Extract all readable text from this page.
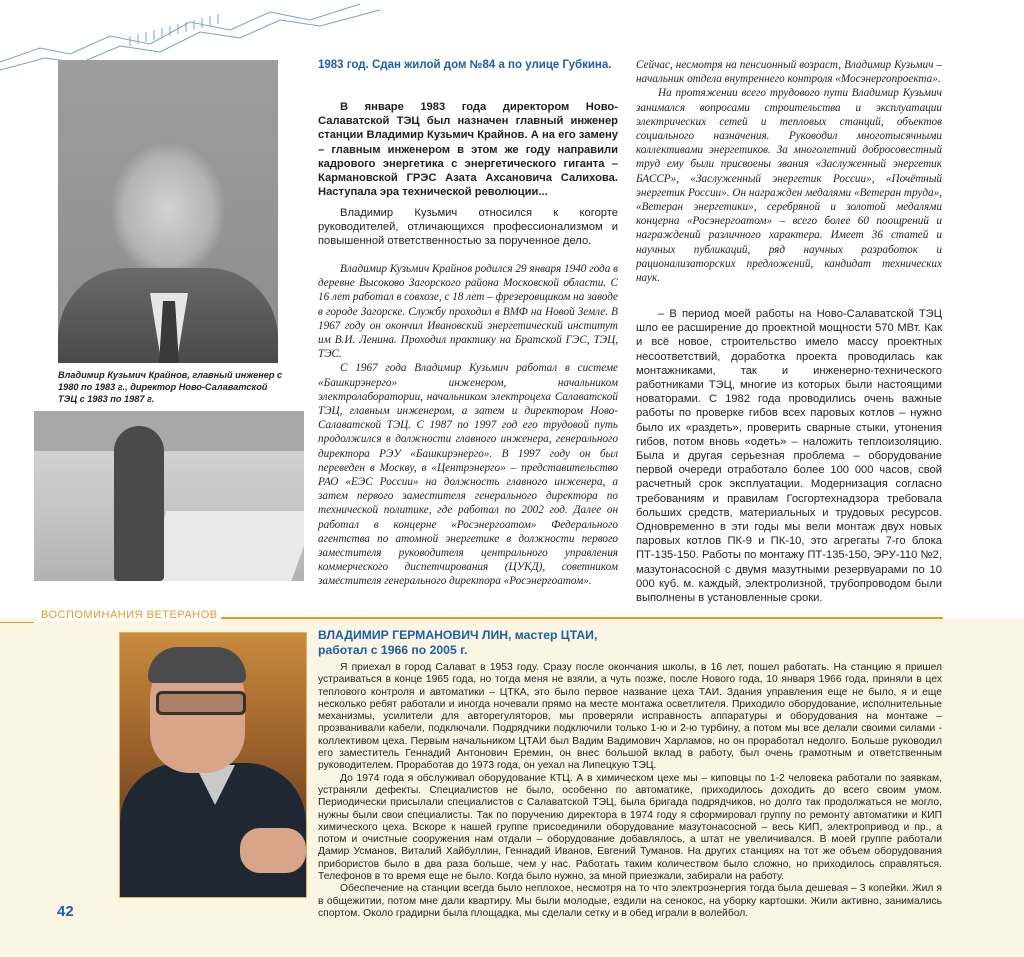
Владимир Кузьмич Крайнов, главный инженер с 1980 по 1983 г., директор Ново-Салаватской ТЭЦ с 1983 по 1987 г.
1983 год. Сдан жилой дом №84 а по улице Губкина.

В январе 1983 года директором Ново-Салаватской ТЭЦ был назначен главный инженер станции Владимир Кузьмич Крайнов. А на его замену – главным инженером в этом же году направили кадрового энергетика с энергетического гиганта – Кармановской ГРЭС Азата Ахсановича Салихова. Наступала эра технической революции...

Владимир Кузьмич относился к когорте руководителей, отличающихся профессионализмом и повышенной ответственностью за порученное дело.

Владимир Кузьмич Крайнов родился 29 января 1940 года в деревне Высоково Загорского района Московской области. С 16 лет работал в совхозе, с 18 лет – фрезеровщиком на заводе в городе Загорске. Службу проходил в ВМФ на Новой Земле. В 1967 году он окончил Ивановский энергетический институт им В.И. Ленина. Проходил практику на Братской ГЭС, ТЭЦ, ТЭС.

С 1967 года Владимир Кузьмич работал в системе «Башкирэнерго» инженером, начальником электролаборатории, начальником электроцеха Салаватской ТЭЦ, главным инженером, а затем и директором Ново-Салаватской ТЭЦ. С 1987 по 1997 год его трудовой путь продолжился в должности главного инженера, генерального директора РЭУ «Башкирэнерго». В 1997 году он был переведен в Москву, в «Центрэнерго» – представительство РАО «ЕЭС России» на должность главного инженера, а затем первого заместителя генерального директора по технической политике, где работал по 2002 год. Далее он работал в концерне «Росэнергоатом» Федерального агентства по атомной энергетике в должности первого заместителя руководителя центрального управления коммерческого диспетчирования (ЦУКД), советником заместителя генерального директора «Росэнергоатом».

Сейчас, несмотря на пенсионный возраст, Владимир Кузьмич – начальник отдела внутреннего контроля «Мосэнергопроекта».

На протяжении всего трудового пути Владимир Кузьмич занимался вопросами строительства и эксплуатации электрических сетей и тепловых станций, объектов социального назначения. Руководил многотысячными коллективами энергетиков. За многолетний добросовестный труд ему были присвоены звания «Заслуженный энергетик БАССР», «Заслуженный энергетик России», «Почётный энергетик России». Он награжден медалями «Ветеран труда», «Ветеран энергетики», серебряной и золотой медалями концерна «Росэнергоатом» – всего более 60 поощрений и награждений различного характера. Имеет 36 статей и научных публикаций, ряд научных разработок и рационализаторских предложений, кандидат технических наук.

– В период моей работы на Ново-Салаватской ТЭЦ шло ее расширение до проектной мощности 570 МВт. Как и всё новое, строительство имело массу проектных несоответствий, доработка проекта проводилась как монтажниками, так и инженерно-технического работниками ТЭЦ, многие из которых были настоящими новаторами. С 1982 года проводились очень важные работы по проверке гибов всех паровых котлов – нужно было их «раздеть», проверить сварные стыки, утонения гибов, потом вновь «одеть» – наложить теплоизоляцию. Была и другая серьезная проблема – оборудование первой очереди отработало более 100 000 часов, свой расчетный срок эксплуатации. Модернизация согласно требованиям и правилам Госгортехнадзора требовала больших средств, материальных и трудовых ресурсов. Одновременно в эти годы мы вели монтаж двух новых паровых котлов ПК-9 и ПК-10, это агрегаты 7-го блока ПТ-135-150. Работы по монтажу ПТ-135-150, ЭРУ-110 №2, мазутонасосной с двумя мазутными резервуарами по 10 000 куб. м. каждый, электролизной, трубопроводом были выполнены в установленные сроки.

ВОСПОМИНАНИЯ ВЕТЕРАНОВ
ВЛАДИМИР ГЕРМАНОВИЧ ЛИН, мастер ЦТАИ,
работал с 1966 по 2005 г.

Я приехал в город Салават в 1953 году. Сразу после окончания школы, в 16 лет, пошел работать. На станцию я пришел устраиваться в конце 1965 года, но тогда меня не взяли, а чуть позже, после Нового года, 10 января 1966 года, приняли в цех теплового контроля и автоматики – ЦТКА, это было первое название цеха ТАИ. Здания управления еще не было, я и еще несколько ребят работали и иногда ночевали прямо на месте монтажа осветлителя. Приходило оборудование, исполнительные механизмы, усилители для авторегуляторов, мы проверяли исправность аппаратуры и оборудования на монтаже – прозванивали кабели, подключали. Подрядчики подключили только 1-ю и 2-ю турбину, а потом мы все делали своими силами - коллективом цеха. Первым начальником ЦТАИ был Вадим Вадимович Харламов, но он проработал недолго. Больше руководил его заместитель Геннадий Антонович Еремин, он внес большой вклад в работу, был очень грамотным и ответственным руководителем. Проработав до 1973 года, он уехал на Липецкую ТЭЦ.

До 1974 года я обслуживал оборудование КТЦ. А в химическом цехе мы – киповцы по 1-2 человека работали по заявкам, устраняли дефекты. Специалистов не было, особенно по автоматике, приходилось доходить до всего своим умом. Периодически присылали специалистов с Салаватской ТЭЦ, была бригада подрядчиков, но долго так продолжаться не могло, нужны были свои специалисты. Так по поручению директора в 1974 году я сформировал группу по ремонту автоматики и КИП химического цеха. Вскоре к нашей группе присоединили оборудование мазутонасосной – весь КИП, электропривод и пр., а потом и очистные сооружения нам отдали – оборудование добавлялось, а штат не увеличивался. В моей группе работали Дамир Усманов, Виталий Хайбуллин, Геннадий Иванов, Евгений Туманов. На других станциях на тот же объем оборудования прибористов было в два раза больше, чем у нас. Работать таким количеством было сложно, но приходилось справляться. Телефонов в то время еще не было. Когда было нужно, за мной приезжали, забирали на работу.

Обеспечение на станции всегда было неплохое, несмотря на то что электроэнергия тогда была дешевая – 3 копейки. Жил я в общежитии, потом мне дали квартиру. Мы были молодые, ездили на сенокос, на уборку картошки. Жили активно, занимались спортом. Около градирни была площадка, мы сделали сетку и в обед играли в волейбол.

42
